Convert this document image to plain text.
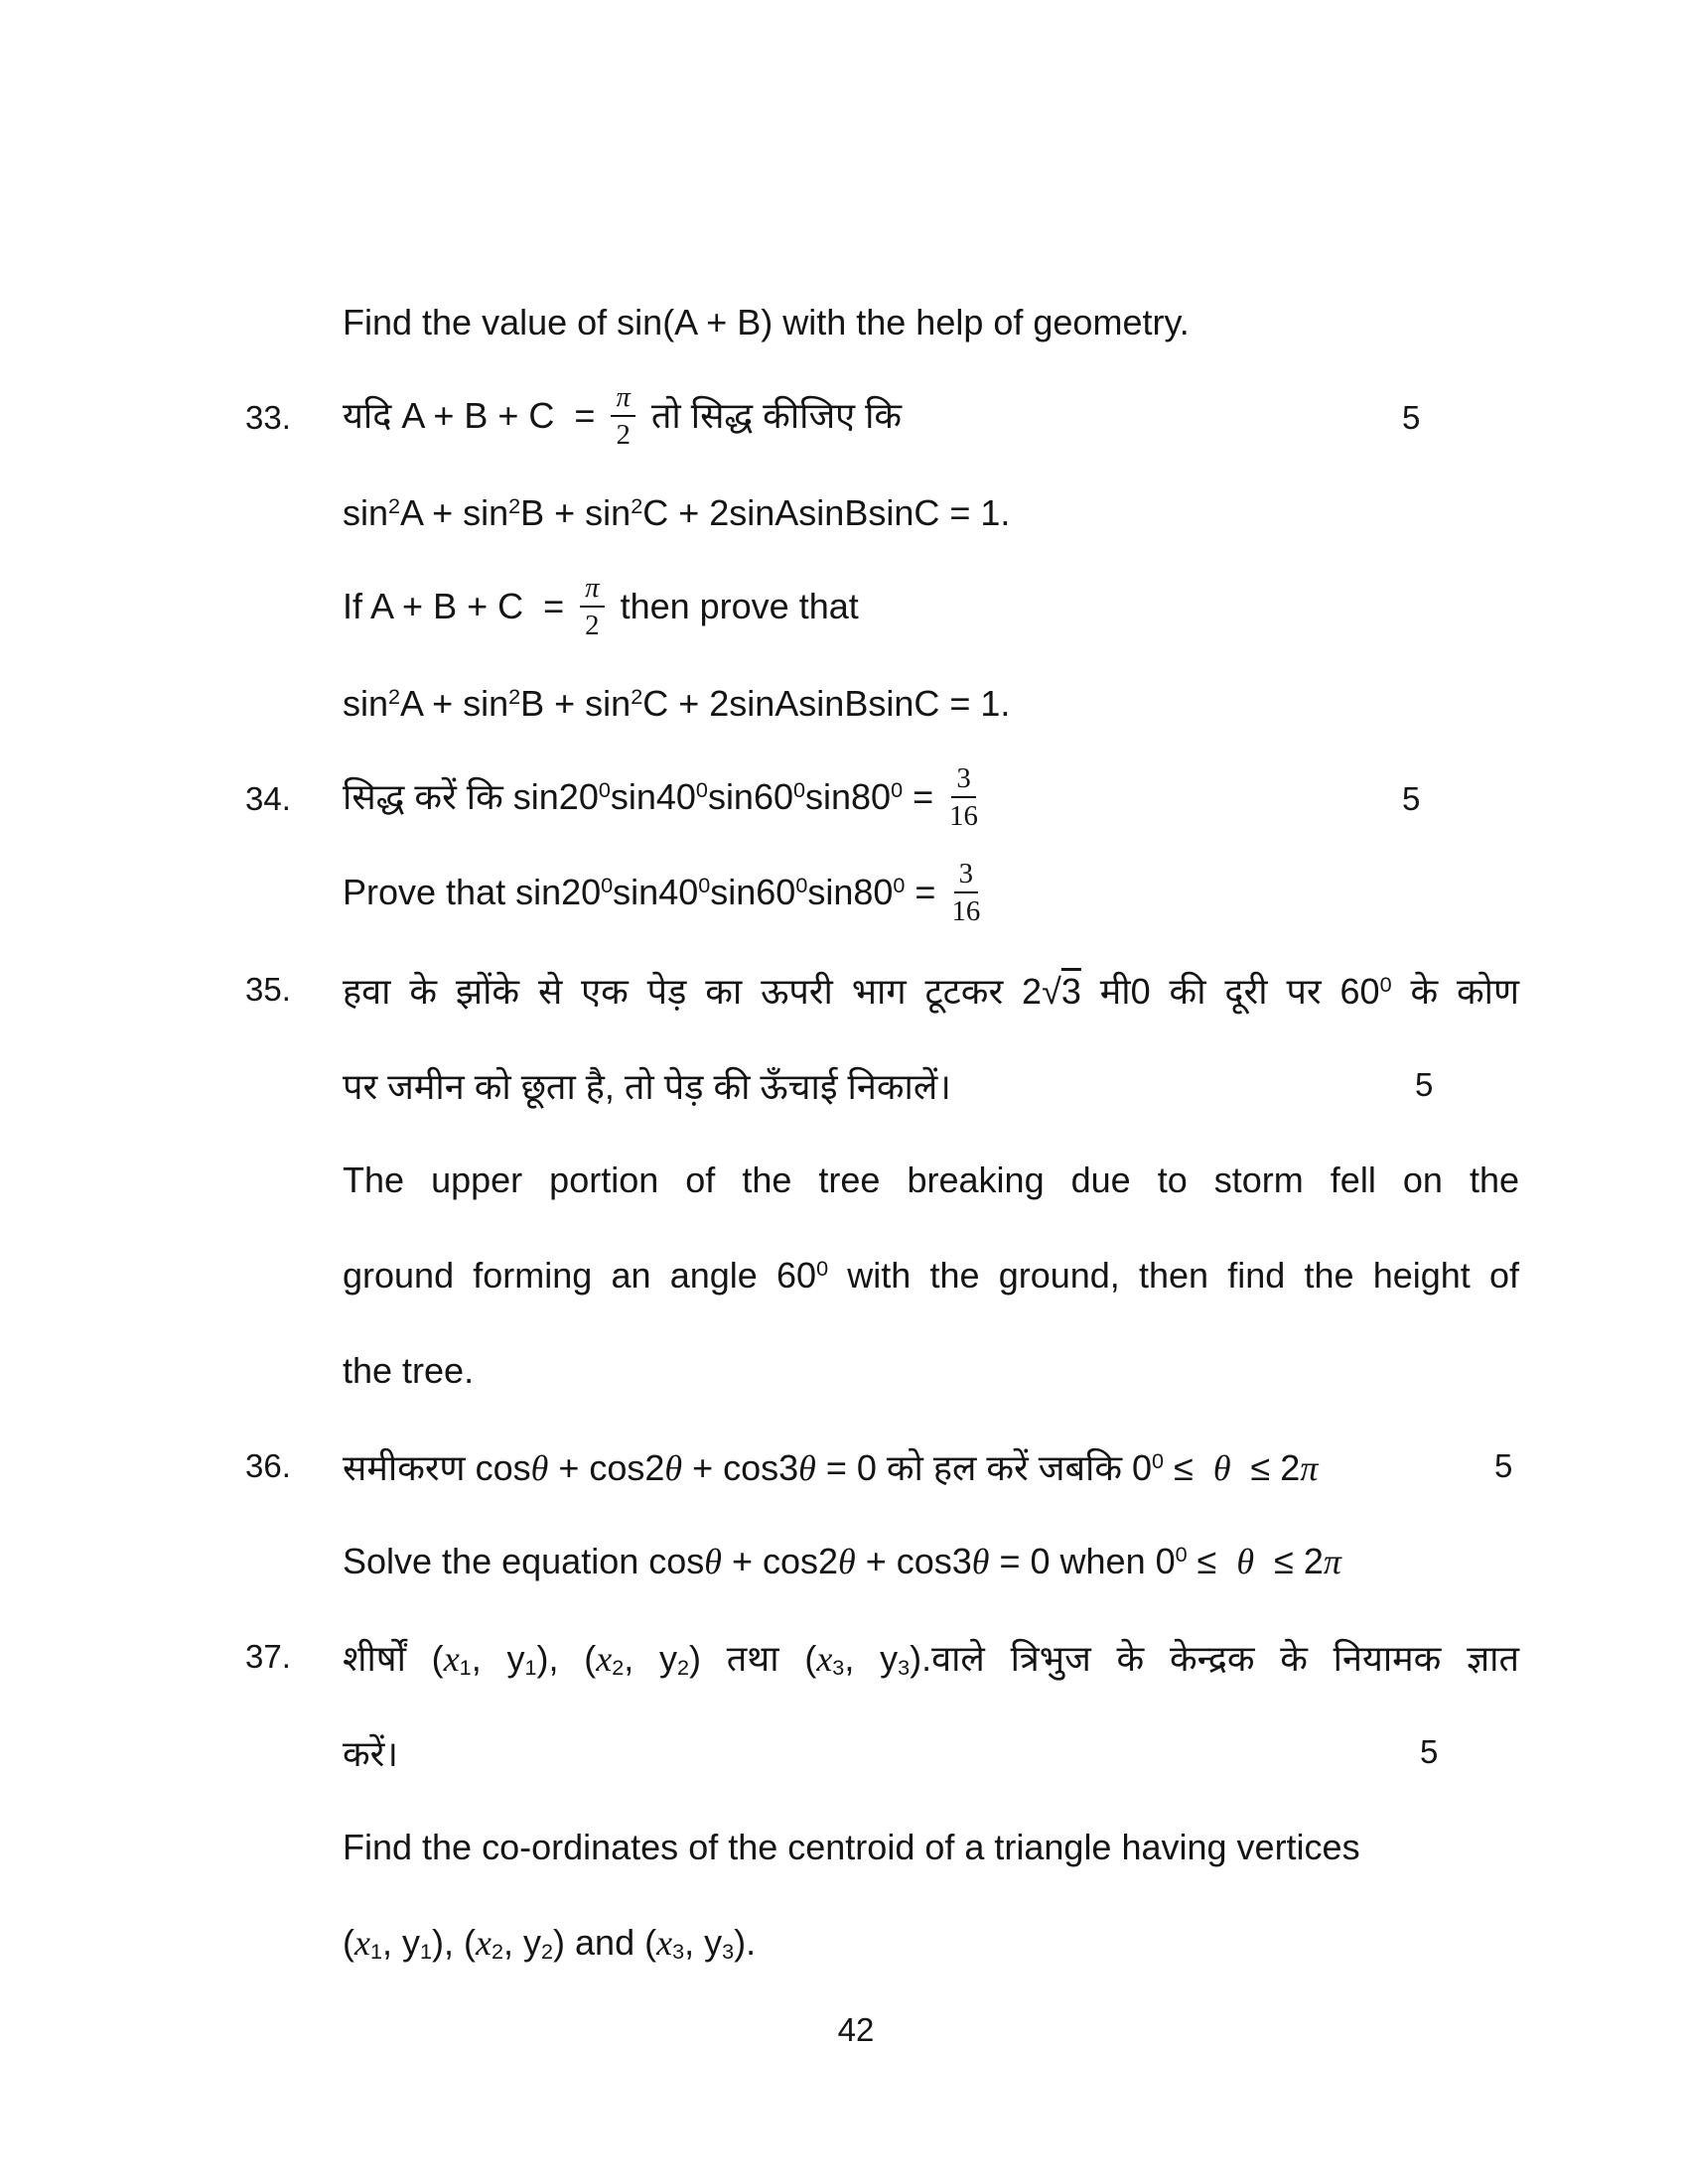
Find the value of sin(A + B) with the help of geometry.
33. यदि $A + B + C = \frac{\pi}{2}$ तो सिद्ध कीजिए कि	5
$\sin^2A + \sin^2B + \sin^2C$ + 2sinAsinBsinC = 1.
If $A + B + C = \frac{\pi}{2}$ then prove that
$\sin^2A + \sin^2B + \sin^2C$ + 2sinAsinBsinC = 1.
34. सिद्ध करें कि $\sin 20^0\sin 40^0\sin 60^0\sin 80^0 = \frac{3}{16}$	5
Prove that $\sin 20^0\sin 40^0\sin 60^0\sin 80^0 = \frac{3}{16}$
35. हवा के झोंके से एक पेड़ का ऊपरी भाग टूटकर 2√3 मी0 की दूरी पर $60^0$ के कोण
पर जमीन को छूता है, तो पेड़ की ऊँचाई निकालें।	5
The upper portion of the tree breaking due to storm fell on the
ground forming an angle $60^0$ with the ground, then find the height of
the tree.
36. समीकरण cosθ + cos2θ + cos3θ = 0 को हल करें जबकि $0^0 \le \theta \le 2\pi$	5
Solve the equation cosθ + cos2θ + cos3θ = 0 when $0^0 \le \theta \le 2\pi$
37. शीर्षों ($x_1$, $y_1$), ($x_2$, $y_2$) तथा ($x_3$, $y_3).वाले$ त्रिभुज के केन्द्रक के नियामक ज्ञात
करें।	5
Find the co-ordinates of the centroid of a triangle having vertices
($x_1$, $y_1$), ($x_2$, $y_2$) and ($x_3$, $y_3$).
42
